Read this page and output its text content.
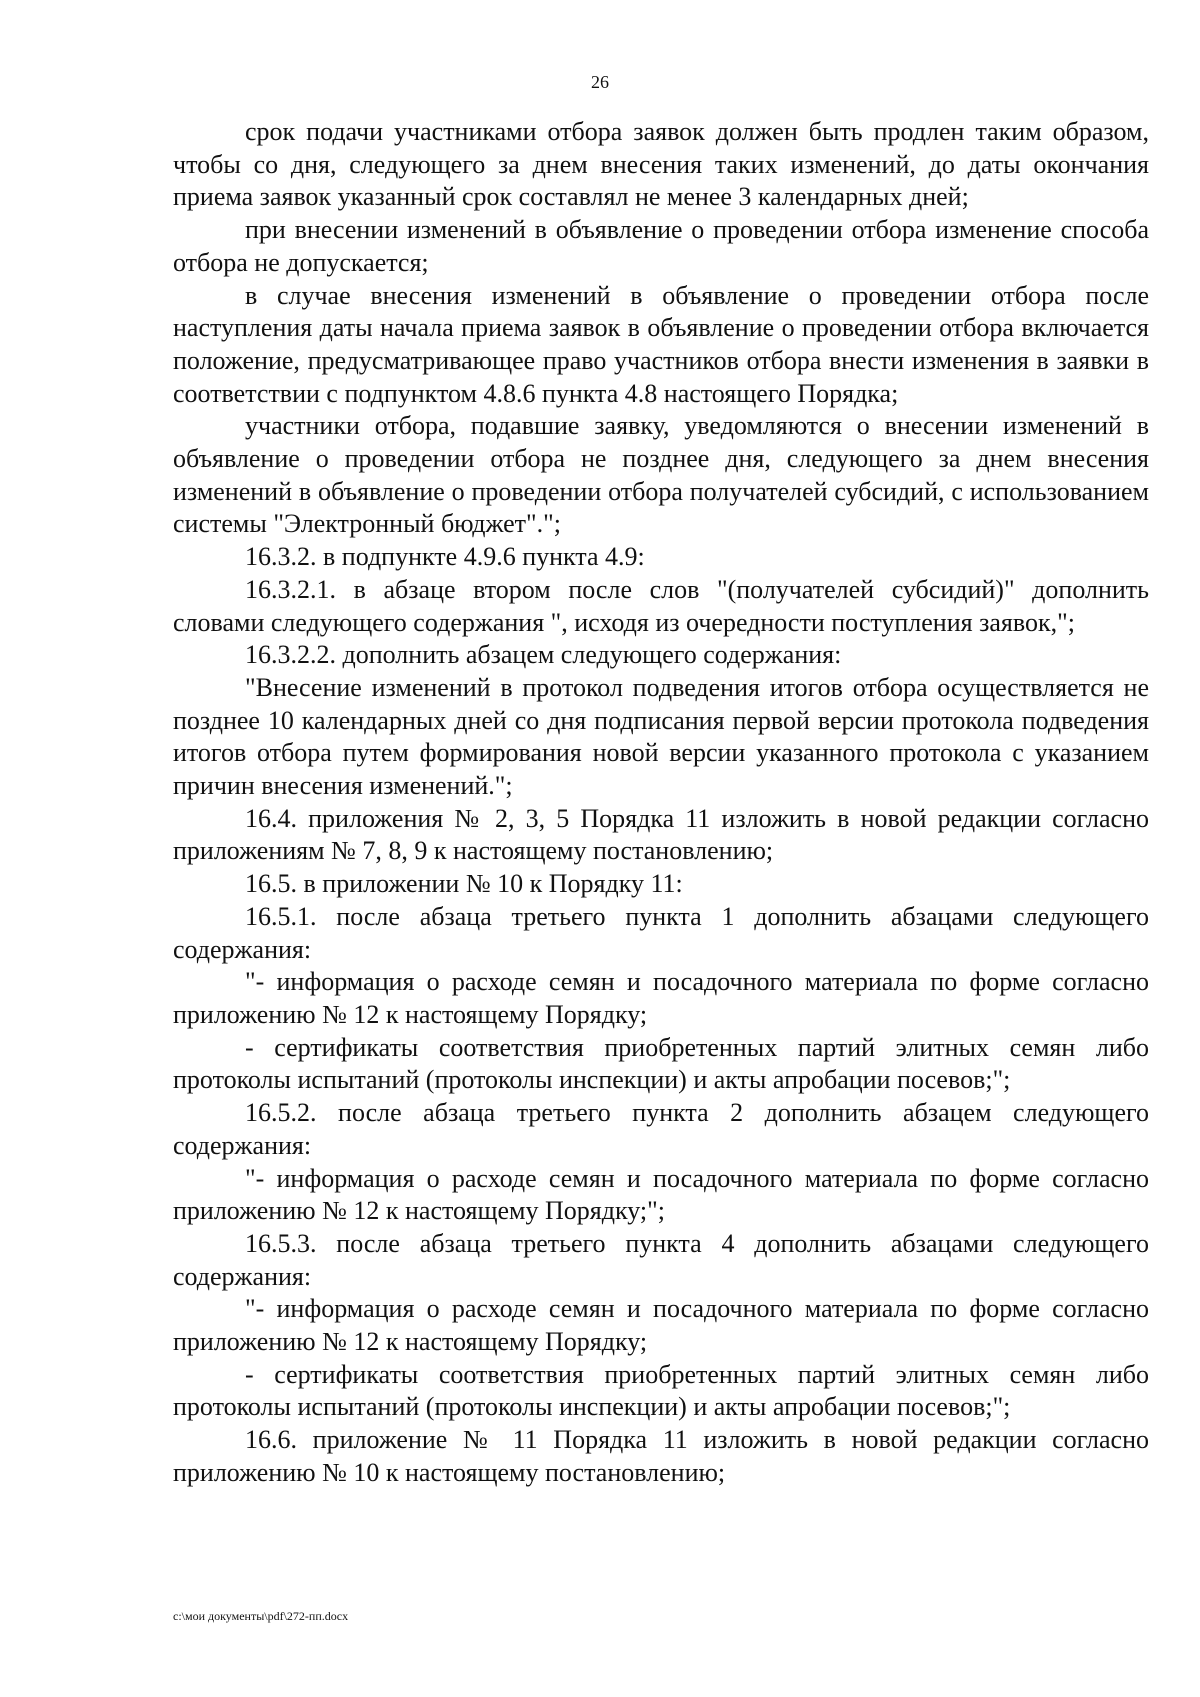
26

срок подачи участниками отбора заявок должен быть продлен таким образом, чтобы со дня, следующего за днем внесения таких изменений, до даты окончания приема заявок указанный срок составлял не менее 3 календарных дней;

при внесении изменений в объявление о проведении отбора изменение способа отбора не допускается;

в случае внесения изменений в объявление о проведении отбора после наступления даты начала приема заявок в объявление о проведении отбора включается положение, предусматривающее право участников отбора внести изменения в заявки в соответствии с подпунктом 4.8.6 пункта 4.8 настоящего Порядка;

участники отбора, подавшие заявку, уведомляются о внесении изменений в объявление о проведении отбора не позднее дня, следующего за днем внесения изменений в объявление о проведении отбора получателей субсидий, с использованием системы "Электронный бюджет".";

16.3.2. в подпункте 4.9.6 пункта 4.9:

16.3.2.1. в абзаце втором после слов "(получателей субсидий)" дополнить словами следующего содержания ", исходя из очередности поступления заявок,";

16.3.2.2. дополнить абзацем следующего содержания:

"Внесение изменений в протокол подведения итогов отбора осуществляется не позднее 10 календарных дней со дня подписания первой версии протокола подведения итогов отбора путем формирования новой версии указанного протокола с указанием причин внесения изменений.";

16.4. приложения № 2, 3, 5 Порядка 11 изложить в новой редакции согласно приложениям № 7, 8, 9 к настоящему постановлению;

16.5. в приложении № 10 к Порядку 11:

16.5.1. после абзаца третьего пункта 1 дополнить абзацами следующего содержания:

"- информация о расходе семян и посадочного материала по форме согласно приложению № 12 к настоящему Порядку;

- сертификаты соответствия приобретенных партий элитных семян либо протоколы испытаний (протоколы инспекции) и акты апробации посевов;";

16.5.2. после абзаца третьего пункта 2 дополнить абзацем следующего содержания:

"- информация о расходе семян и посадочного материала по форме согласно приложению № 12 к настоящему Порядку;";

16.5.3. после абзаца третьего пункта 4 дополнить абзацами следующего содержания:

"- информация о расходе семян и посадочного материала по форме согласно приложению № 12 к настоящему Порядку;

- сертификаты соответствия приобретенных партий элитных семян либо протоколы испытаний (протоколы инспекции) и акты апробации посевов;";

16.6. приложение № 11 Порядка 11 изложить в новой редакции согласно приложению № 10 к настоящему постановлению;

c:\мои документы\pdf\272-пп.docx
